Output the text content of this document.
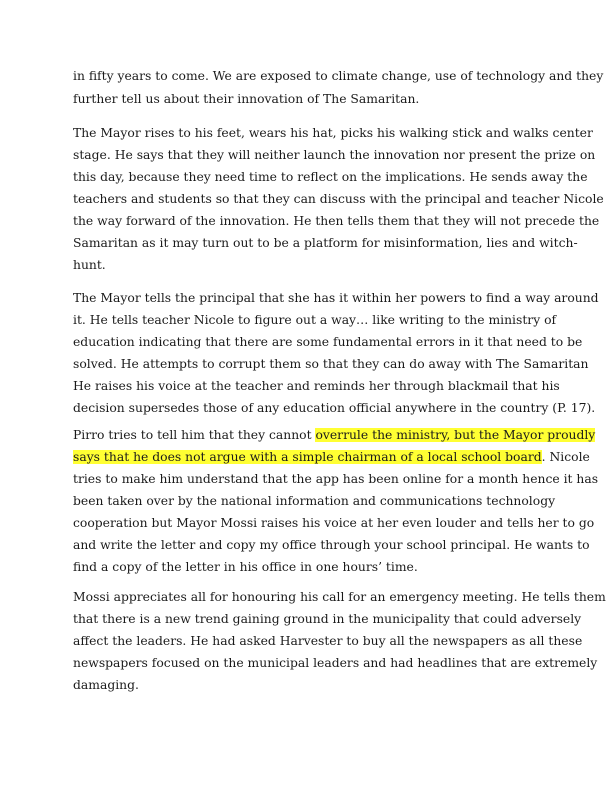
in fifty years to come. We are exposed to climate change, use of technology and they

further tell us about their innovation of The Samaritan.

The Mayor rises to his feet, wears his hat, picks his walking stick and walks center

stage. He says that they will neither launch the innovation nor present the prize on

this day, because they need time to reflect on the implications. He sends away the

teachers and students so that they can discuss with the principal and teacher Nicole

the way forward of the innovation. He then tells them that they will not precede the

Samaritan as it may turn out to be a platform for misinformation, lies and witch-

hunt.

The Mayor tells the principal that she has it within her powers to find a way around

it. He tells teacher Nicole to figure out a way… like writing to the ministry of

education indicating that there are some fundamental errors in it that need to be

solved. He attempts to corrupt them so that they can do away with The Samaritan

He raises his voice at the teacher and reminds her through blackmail that his

decision supersedes those of any education official anywhere in the country (P. 17).

Pirro tries to tell him that they cannot overrule the ministry, but the Mayor proudly

says that he does not argue with a simple chairman of a local school board. Nicole

tries to make him understand that the app has been online for a month hence it has

been taken over by the national information and communications technology

cooperation but Mayor Mossi raises his voice at her even louder and tells her to go

and write the letter and copy my office through your school principal. He wants to

find a copy of the letter in his office in one hours’ time.

Mossi appreciates all for honouring his call for an emergency meeting. He tells them

that there is a new trend gaining ground in the municipality that could adversely

affect the leaders. He had asked Harvester to buy all the newspapers as all these

newspapers focused on the municipal leaders and had headlines that are extremely

damaging.
